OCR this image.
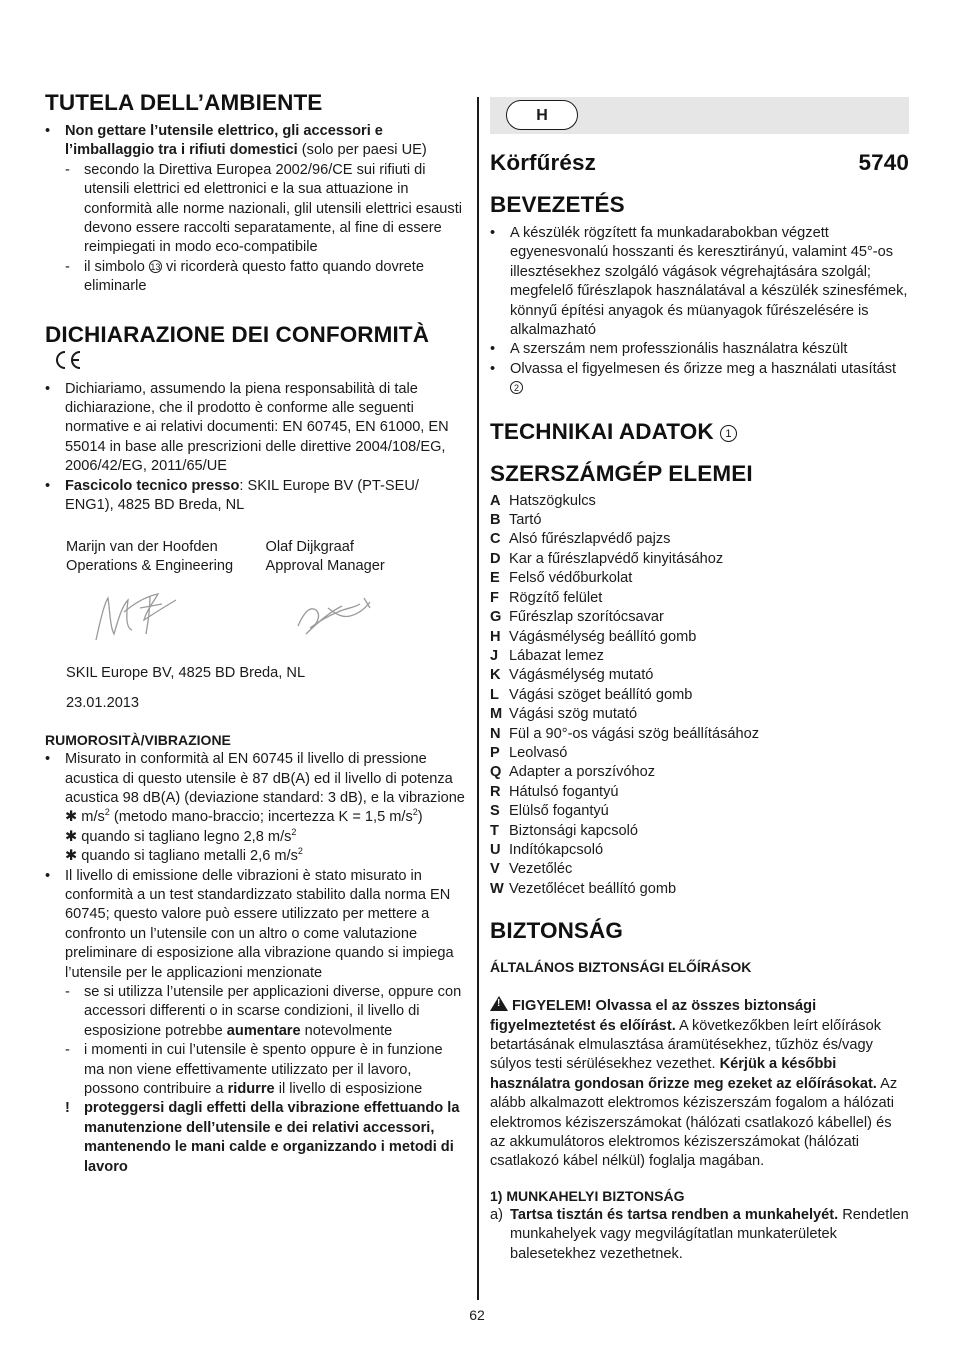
TUTELA DELL’AMBIENTE
•	Non gettare l’utensile elettrico, gli accessori e l’imballaggio tra i rifiuti domestici (solo per paesi UE)
- secondo la Direttiva Europea 2002/96/CE sui rifiuti di utensili elettrici ed elettronici e la sua attuazione in conformità alle norme nazionali, glil utensili elettrici esausti devono essere raccolti separatamente, al fine di essere reimpiegati in modo eco-compatibile
- il simbolo 13 vi ricorderà questo fatto quando dovrete eliminarle
DICHIARAZIONE DEI CONFORMITÀ
•	Dichiariamo, assumendo la piena responsabilità di tale dichiarazione, che il prodotto è conforme alle seguenti normative e ai relativi documenti: EN 60745, EN 61000, EN 55014 in base alle prescrizioni delle direttive 2004/108/EG, 2006/42/EG, 2011/65/UE
•	Fascicolo tecnico presso: SKIL Europe BV (PT-SEU/ ENG1), 4825 BD Breda, NL
Marijn van der Hoofden
Operations & Engineering
Olaf Dijkgraaf
Approval Manager
SKIL Europe BV, 4825 BD Breda, NL
23.01.2013
RUMOROSITÀ/VIBRAZIONE
•	Misurato in conformità al EN 60745 il livello di pressione acustica di questo utensile è 87 dB(A) ed il livello di potenza acustica 98 dB(A) (deviazione standard: 3 dB), e la vibrazione ✱ $m/s^2$ (metodo mano-braccio; incertezza K = 1,5 $m/s^2$)
✱ quando si tagliano legno 2,8 $m/s^2$
✱ quando si tagliano metalli 2,6 $m/s^2$
•	Il livello di emissione delle vibrazioni è stato misurato in conformità a un test standardizzato stabilito dalla norma EN 60745; questo valore può essere utilizzato per mettere a confronto un l’utensile con un altro o come valutazione preliminare di esposizione alla vibrazione quando si impiega l’utensile per le applicazioni menzionate
- se si utilizza l’utensile per applicazioni diverse, oppure con accessori differenti o in scarse condizioni, il livello di esposizione potrebbe aumentare notevolmente
- i momenti in cui l’utensile è spento oppure è in funzione ma non viene effettivamente utilizzato per il lavoro, possono contribuire a ridurre il livello di esposizione
! proteggersi dagli effetti della vibrazione effettuando la manutenzione dell’utensile e dei relativi accessori, mantenendo le mani calde e organizzando i metodi di lavoro
H
Körfűrész	5740
BEVEZETÉS
•	A készülék rögzített fa munkadarabokban végzett egyenesvonalú hosszanti és keresztirányú, valamint 45°-os illesztésekhez szolgáló vágások végrehajtására szolgál; megfelelő fűrészlapok használatával a készülék szinesfémek, könnyű építési anyagok és müanyagok fűrészelésére is alkalmazható
•	A szerszám nem professzionális használatra készült
•	Olvassa el figyelmesen és őrizze meg a használati utasítást 2
TECHNIKAI ADATOK 1
SZERSZÁMGÉP ELEMEI
A Hatszögkulcs
B Tartó
C Alsó fűrészlapvédő pajzs
D Kar a fűrészlapvédő kinyitásához
E Felső védőburkolat
F Rögzítő felület
G Fűrészlap szorítócsavar
H Vágásmélység beállító gomb
J Lábazat lemez
K Vágásmélység mutató
L Vágási szöget beállító gomb
M Vágási szög mutató
N Fül a 90°-os vágási szög beállításához
P Leolvasó
Q Adapter a porszívóhoz
R Hátulsó fogantyú
S Elülső fogantyú
T Biztonsági kapcsoló
U Indítókapcsoló
V Vezetőléc
W Vezetőlécet beállító gomb
BIZTONSÁG
ÁLTALÁNOS BIZTONSÁGI ELŐÍRÁSOK
!FIGYELEM! Olvassa el az összes biztonsági figyelmeztetést és előírást. A következőkben leírt előírások betartásának elmulasztása áramütésekhez, tűzhöz és/vagy súlyos testi sérülésekhez vezethet. Kérjük a későbbi használatra gondosan őrizze meg ezeket az előírásokat. Az alább alkalmazott elektromos kéziszerszám fogalom a hálózati elektromos kéziszerszámokat (hálózati csatlakozó kábellel) és az akkumulátoros elektromos kéziszerszámokat (hálózati csatlakozó kábel nélkül) foglalja magában.
1) MUNKAHELYI BIZTONSÁG
a) Tartsa tisztán és tartsa rendben a munkahelyét. Rendetlen munkahelyek vagy megvilágítatlan munkaterületek balesetekhez vezethetnek.
62
